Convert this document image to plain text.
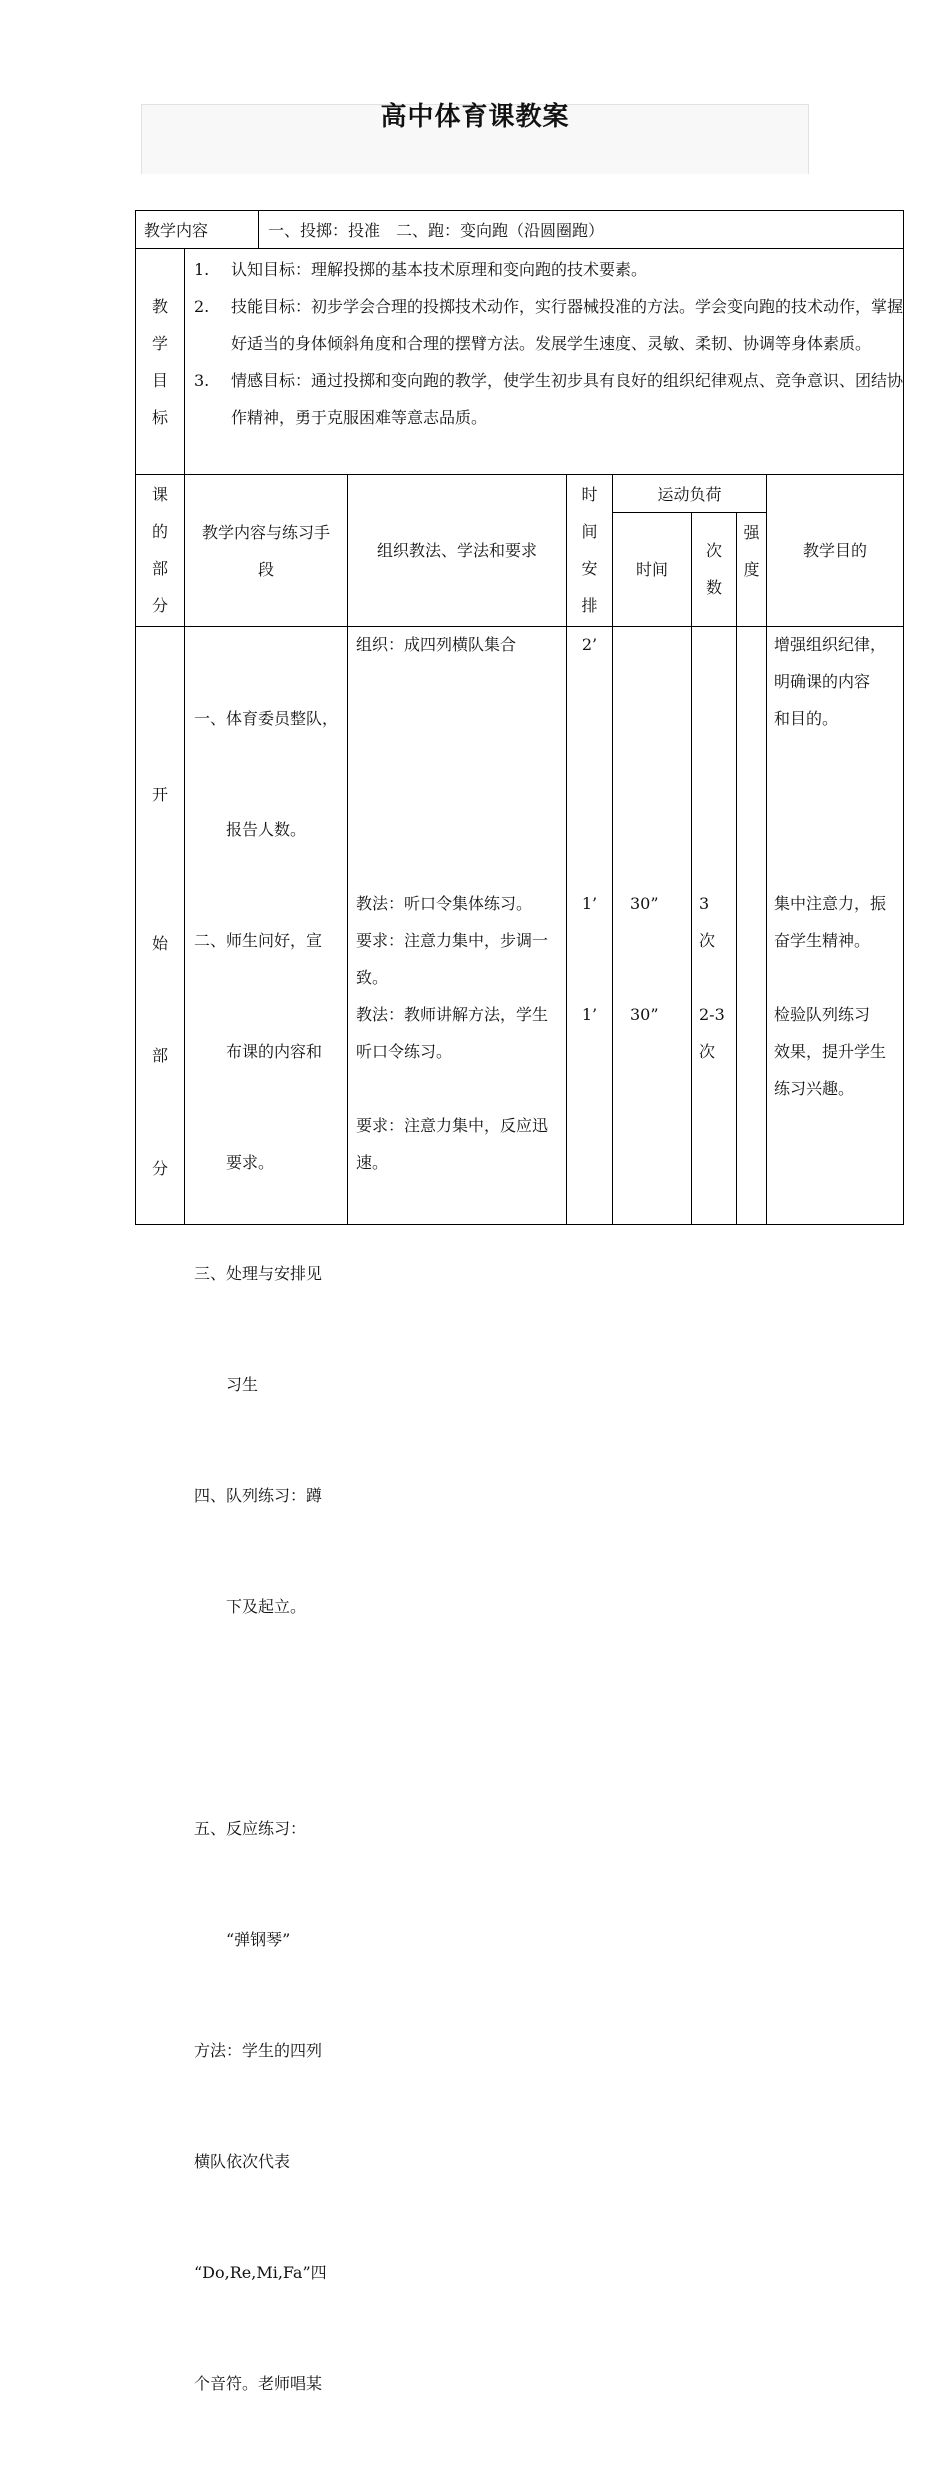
高中体育课教案
教学内容	一、投掷：投准　二、跑：变向跑（沿圆圈跑）
教
学
目
标
1. 认知目标：理解投掷的基本技术原理和变向跑的技术要素。
2. 技能目标：初步学会合理的投掷技术动作，实行器械投准的方法。学会变向跑的技术动作，掌握好适当的身体倾斜角度和合理的摆臂方法。发展学生速度、灵敏、柔韧、协调等身体素质。
3. 情感目标：通过投掷和变向跑的教学，使学生初步具有良好的组织纪律观点、竞争意识、团结协作精神，勇于克服困难等意志品质。
课
的
部
分
教学内容与练习手
段
组织教法、学法和要求
时
间
安
排
运动负荷
时间
次
数
强
度
教学目的
开
始
部
分

一、体育委员整队，

　　报告人数。

二、师生问好，宣

　　布课的内容和

　　要求。

三、处理与安排见

　　习生

四、队列练习：蹲

　　下及起立。

五、反应练习：

　　“弹钢琴”

方法：学生的四列

横队依次代表

“Do,Re,Mi,Fa”四

个音符。老师唱某

组织：成四列横队集合
教法：听口令集体练习。
要求：注意力集中，步调一
致。
教法：教师讲解方法，学生
听口令练习。
要求：注意力集中，反应迅
速。
2’
1’
1’
30”
30”
3
次
2-3
次
增强组织纪律，
明确课的内容
和目的。
集中注意力，振
奋学生精神。
检验队列练习
效果，提升学生
练习兴趣。
